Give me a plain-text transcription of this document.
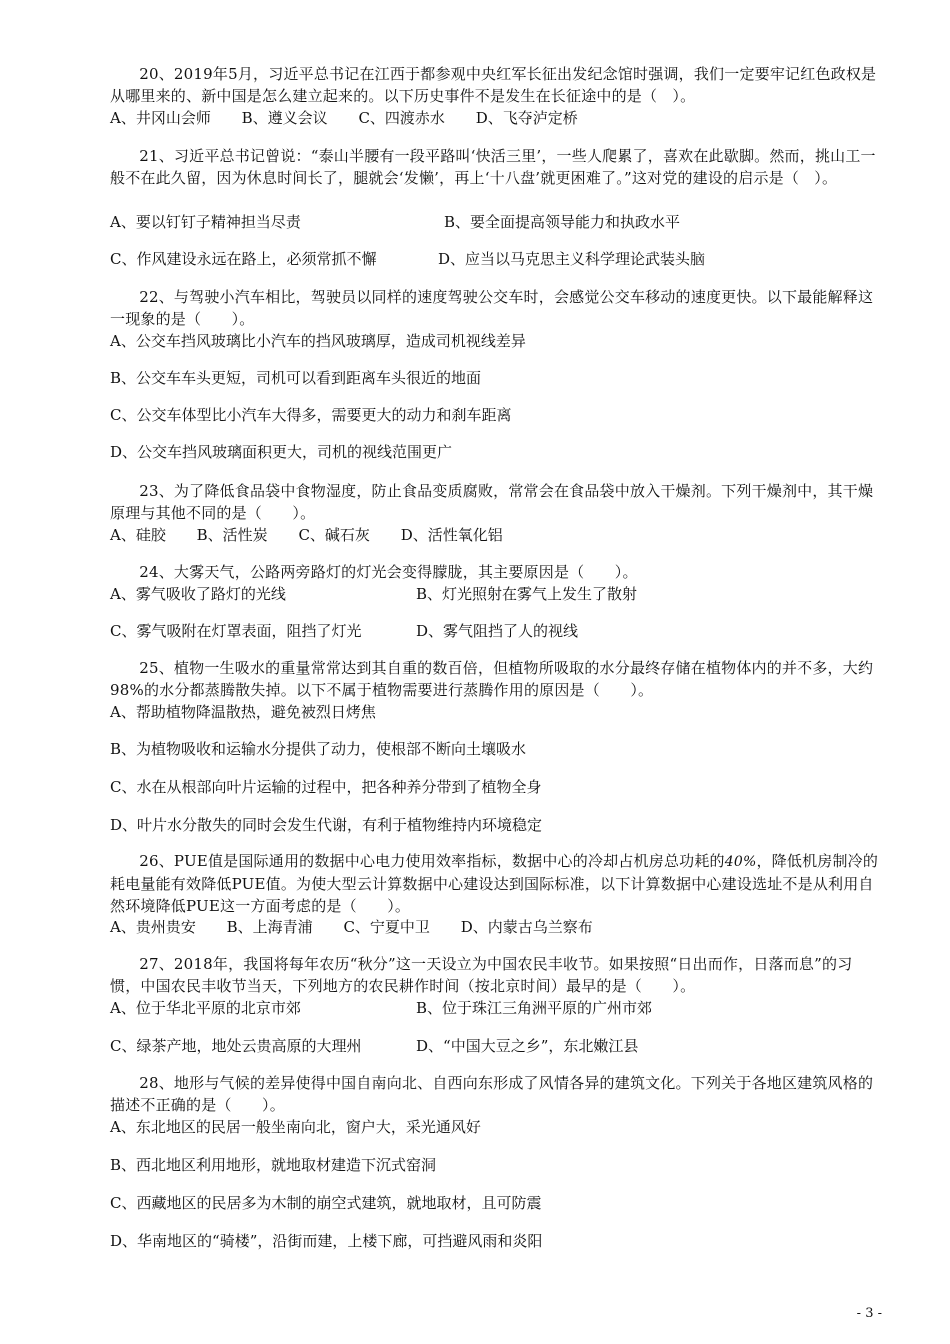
20、2019年5月，习近平总书记在江西于都参观中央红军长征出发纪念馆时强调，我们一定要牢记红色政权是从哪里来的、新中国是怎么建立起来的。以下历史事件不是发生在长征途中的是（　）。

A、井冈山会师 B、遵义会议 C、四渡赤水 D、飞夺泸定桥

21、习近平总书记曾说：“泰山半腰有一段平路叫‘快活三里’，一些人爬累了，喜欢在此歇脚。然而，挑山工一般不在此久留，因为休息时间长了，腿就会‘发懒’，再上‘十八盘’就更困难了。”这对党的建设的启示是（　）。

A、要以钉钉子精神担当尽责	B、要全面提高领导能力和执政水平
C、作风建设永远在路上，必须常抓不懈	D、应当以马克思主义科学理论武装头脑

22、与驾驶小汽车相比，驾驶员以同样的速度驾驶公交车时，会感觉公交车移动的速度更快。以下最能解释这一现象的是（　　）。

A、公交车挡风玻璃比小汽车的挡风玻璃厚，造成司机视线差异
B、公交车车头更短，司机可以看到距离车头很近的地面
C、公交车体型比小汽车大得多，需要更大的动力和刹车距离
D、公交车挡风玻璃面积更大，司机的视线范围更广

23、为了降低食品袋中食物湿度，防止食品变质腐败，常常会在食品袋中放入干燥剂。下列干燥剂中，其干燥原理与其他不同的是（　　）。

A、硅胶 B、活性炭 C、碱石灰 D、活性氧化铝

24、大雾天气，公路两旁路灯的灯光会变得朦胧，其主要原因是（　　）。

A、雾气吸收了路灯的光线	B、灯光照射在雾气上发生了散射
C、雾气吸附在灯罩表面，阻挡了灯光	D、雾气阻挡了人的视线

25、植物一生吸水的重量常常达到其自重的数百倍，但植物所吸取的水分最终存储在植物体内的并不多，大约98%的水分都蒸腾散失掉。以下不属于植物需要进行蒸腾作用的原因是（　　）。

A、帮助植物降温散热，避免被烈日烤焦
B、为植物吸收和运输水分提供了动力，使根部不断向土壤吸水
C、水在从根部向叶片运输的过程中，把各种养分带到了植物全身
D、叶片水分散失的同时会发生代谢，有利于植物维持内环境稳定

26、PUE值是国际通用的数据中心电力使用效率指标，数据中心的冷却占机房总功耗的40%，降低机房制冷的耗电量能有效降低PUE值。为使大型云计算数据中心建设达到国际标准，以下计算数据中心建设选址不是从利用自然环境降低PUE这一方面考虑的是（　　）。

A、贵州贵安 B、上海青浦 C、宁夏中卫 D、内蒙古乌兰察布

27、2018年，我国将每年农历“秋分”这一天设立为中国农民丰收节。如果按照“日出而作，日落而息”的习惯，中国农民丰收节当天，下列地方的农民耕作时间（按北京时间）最早的是（　　）。

A、位于华北平原的北京市郊	B、位于珠江三角洲平原的广州市郊
C、绿茶产地，地处云贵高原的大理州	D、“中国大豆之乡”，东北嫩江县

28、地形与气候的差异使得中国自南向北、自西向东形成了风情各异的建筑文化。下列关于各地区建筑风格的描述不正确的是（　　）。

A、东北地区的民居一般坐南向北，窗户大，采光通风好
B、西北地区利用地形，就地取材建造下沉式窑洞
C、西藏地区的民居多为木制的崩空式建筑，就地取材，且可防震
D、华南地区的“骑楼”，沿街而建，上楼下廊，可挡避风雨和炎阳
- 3 -
